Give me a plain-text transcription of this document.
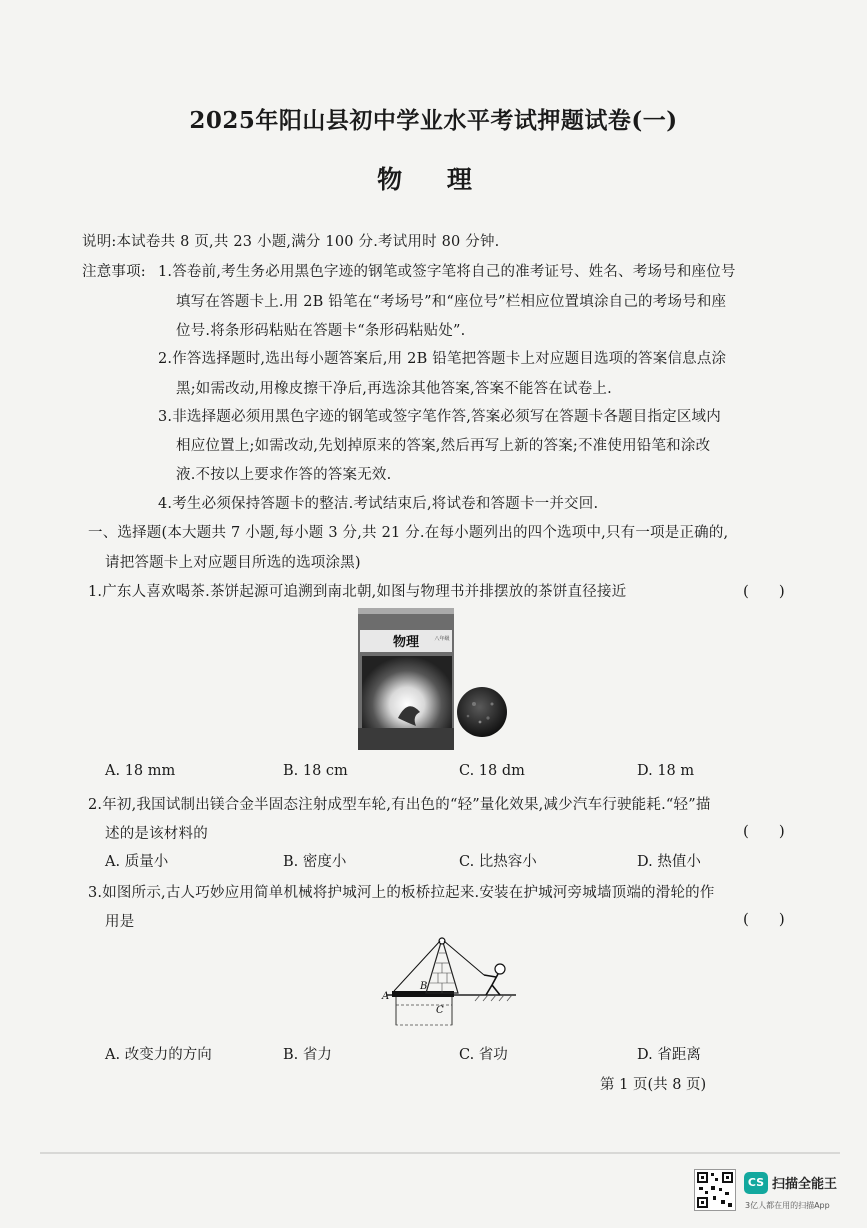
2025年阳山县初中学业水平考试押题试卷(一)
物 理
说明:本试卷共 8 页,共 23 小题,满分 100 分.考试用时 80 分钟.
注意事项: 1.答卷前,考生务必用黑色字迹的钢笔或签字笔将自己的准考证号、姓名、考场号和座位号
填写在答题卡上.用 2B 铅笔在“考场号”和“座位号”栏相应位置填涂自己的考场号和座
位号.将条形码粘贴在答题卡“条形码粘贴处”.
2.作答选择题时,选出每小题答案后,用 2B 铅笔把答题卡上对应题目选项的答案信息点涂
黑;如需改动,用橡皮擦干净后,再选涂其他答案,答案不能答在试卷上.
3.非选择题必须用黑色字迹的钢笔或签字笔作答,答案必须写在答题卡各题目指定区域内
相应位置上;如需改动,先划掉原来的答案,然后再写上新的答案;不准使用铅笔和涂改
液.不按以上要求作答的答案无效.
4.考生必须保持答题卡的整洁.考试结束后,将试卷和答题卡一并交回.
一、选择题(本大题共 7 小题,每小题 3 分,共 21 分.在每小题列出的四个选项中,只有一项是正确的,
请把答题卡上对应题目所选的选项涂黑)
1.广东人喜欢喝茶.茶饼起源可追溯到南北朝,如图与物理书并排摆放的茶饼直径接近	(　　)
物理	八年级
A. 18 mm	B. 18 cm	C. 18 dm	D. 18 m
2.年初,我国试制出镁合金半固态注射成型车轮,有出色的“轻”量化效果,减少汽车行驶能耗.“轻”描
述的是该材料的	(　　)
A. 质量小	B. 密度小	C. 比热容小	D. 热值小
3.如图所示,古人巧妙应用简单机械将护城河上的板桥拉起来.安装在护城河旁城墙顶端的滑轮的作
用是	(　　)
A
B
C
A. 改变力的方向	B. 省力	C. 省功	D. 省距离
第 1 页(共 8 页)
CS 扫描全能王
3亿人都在用的扫描App
